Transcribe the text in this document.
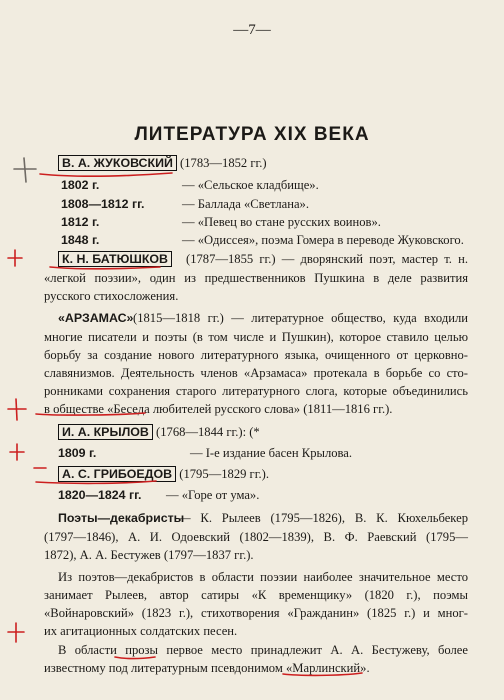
—7—
ЛИТЕРАТУРА XIX ВЕКА
В. А. ЖУКОВСКИЙ (1783—1852 гг.)
1802 г.	— «Сельское кладбище».
1808—1812 гг.	— Баллада «Светлана».
1812 г.	— «Певец во стане русских воинов».
1848 г.	— «Одиссея», поэма Гомера в переводе Жуковского.
К. Н. БАТЮШКОВ	(1787—1855 гг.) — дворянский поэт, мастер т. н.
«легкой поэзии», один из предшественников Пушкина в деле развития
русского стихосложения.
«АРЗАМАС» (1815—1818 гг.) — литературное общество, куда входили
многие писатели и поэты (в том числе и Пушкин), которое ставило целью
борьбу за создание нового литературного языка, очищенного от церковно-
славянизмов. Деятельность членов «Арзамаса» протекала в борьбе со сто-
ронниками сохранения старого литературного слога, которые объединились
в обществе «Беседа любителей русского слова» (1811—1816 гг.).
И. А. КРЫЛОВ (1768—1844 гг.): (*
1809 г.	— I-е издание басен Крылова.
А. С. ГРИБОЕДОВ (1795—1829 гг.).
1820—1824 гг. — «Горе от ума».
Поэты—декабристы
— К. Рылеев (1795—1826), В. К. Кюхельбекер
(1797—1846), А. И. Одоевский (1802—1839), В. Ф. Раевский (1795—
1872), А. А. Бестужев (1797—1837 гг.).
Из поэтов—декабристов в области поэзии наиболее значительное место
занимает Рылеев, автор сатиры «К временщику» (1820 г.), поэмы
«Войнаровский» (1823 г.), стихотворения «Гражданин» (1825 г.) и мног-
их агитационных солдатских песен.
В области прозы первое место принадлежит А. А. Бестужеву, более
известному под литературным псевдонимом «Марлинский».
